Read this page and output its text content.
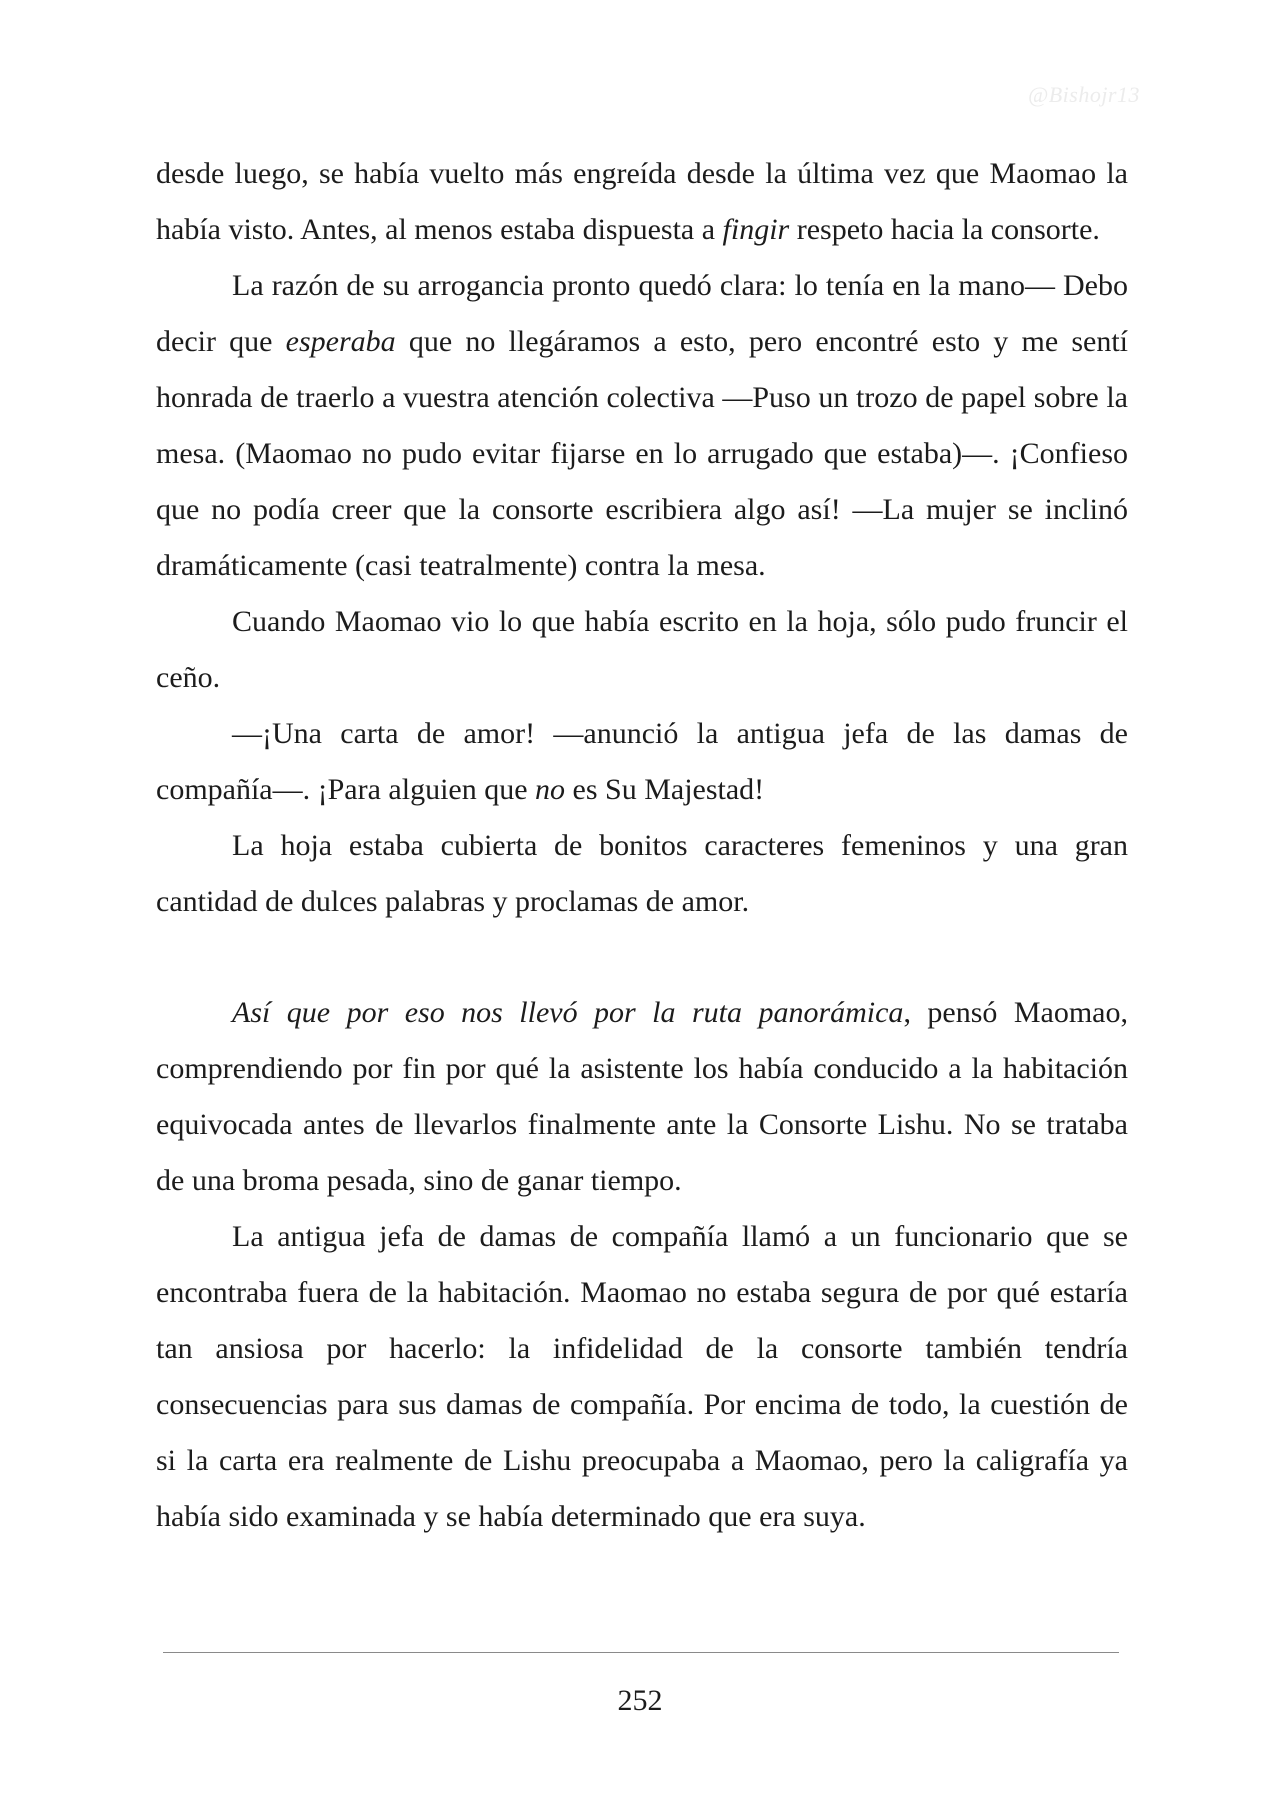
@Bishojr13

desde luego, se había vuelto más engreída desde la última vez que Maomao la había visto. Antes, al menos estaba dispuesta a fingir respeto hacia la consorte.

La razón de su arrogancia pronto quedó clara: lo tenía en la mano— Debo decir que esperaba que no llegáramos a esto, pero encontré esto y me sentí honrada de traerlo a vuestra atención colectiva —Puso un trozo de papel sobre la mesa. (Maomao no pudo evitar fijarse en lo arrugado que estaba)—. ¡Confieso que no podía creer que la consorte escribiera algo así! —La mujer se inclinó dramáticamente (casi teatralmente) contra la mesa.

Cuando Maomao vio lo que había escrito en la hoja, sólo pudo fruncir el ceño.

—¡Una carta de amor! —anunció la antigua jefa de las damas de compañía—. ¡Para alguien que no es Su Majestad!

La hoja estaba cubierta de bonitos caracteres femeninos y una gran cantidad de dulces palabras y proclamas de amor.

Así que por eso nos llevó por la ruta panorámica, pensó Maomao, comprendiendo por fin por qué la asistente los había conducido a la habitación equivocada antes de llevarlos finalmente ante la Consorte Lishu. No se trataba de una broma pesada, sino de ganar tiempo.

La antigua jefa de damas de compañía llamó a un funcionario que se encontraba fuera de la habitación. Maomao no estaba segura de por qué estaría tan ansiosa por hacerlo: la infidelidad de la consorte también tendría consecuencias para sus damas de compañía. Por encima de todo, la cuestión de si la carta era realmente de Lishu preocupaba a Maomao, pero la caligrafía ya había sido examinada y se había determinado que era suya.

252
